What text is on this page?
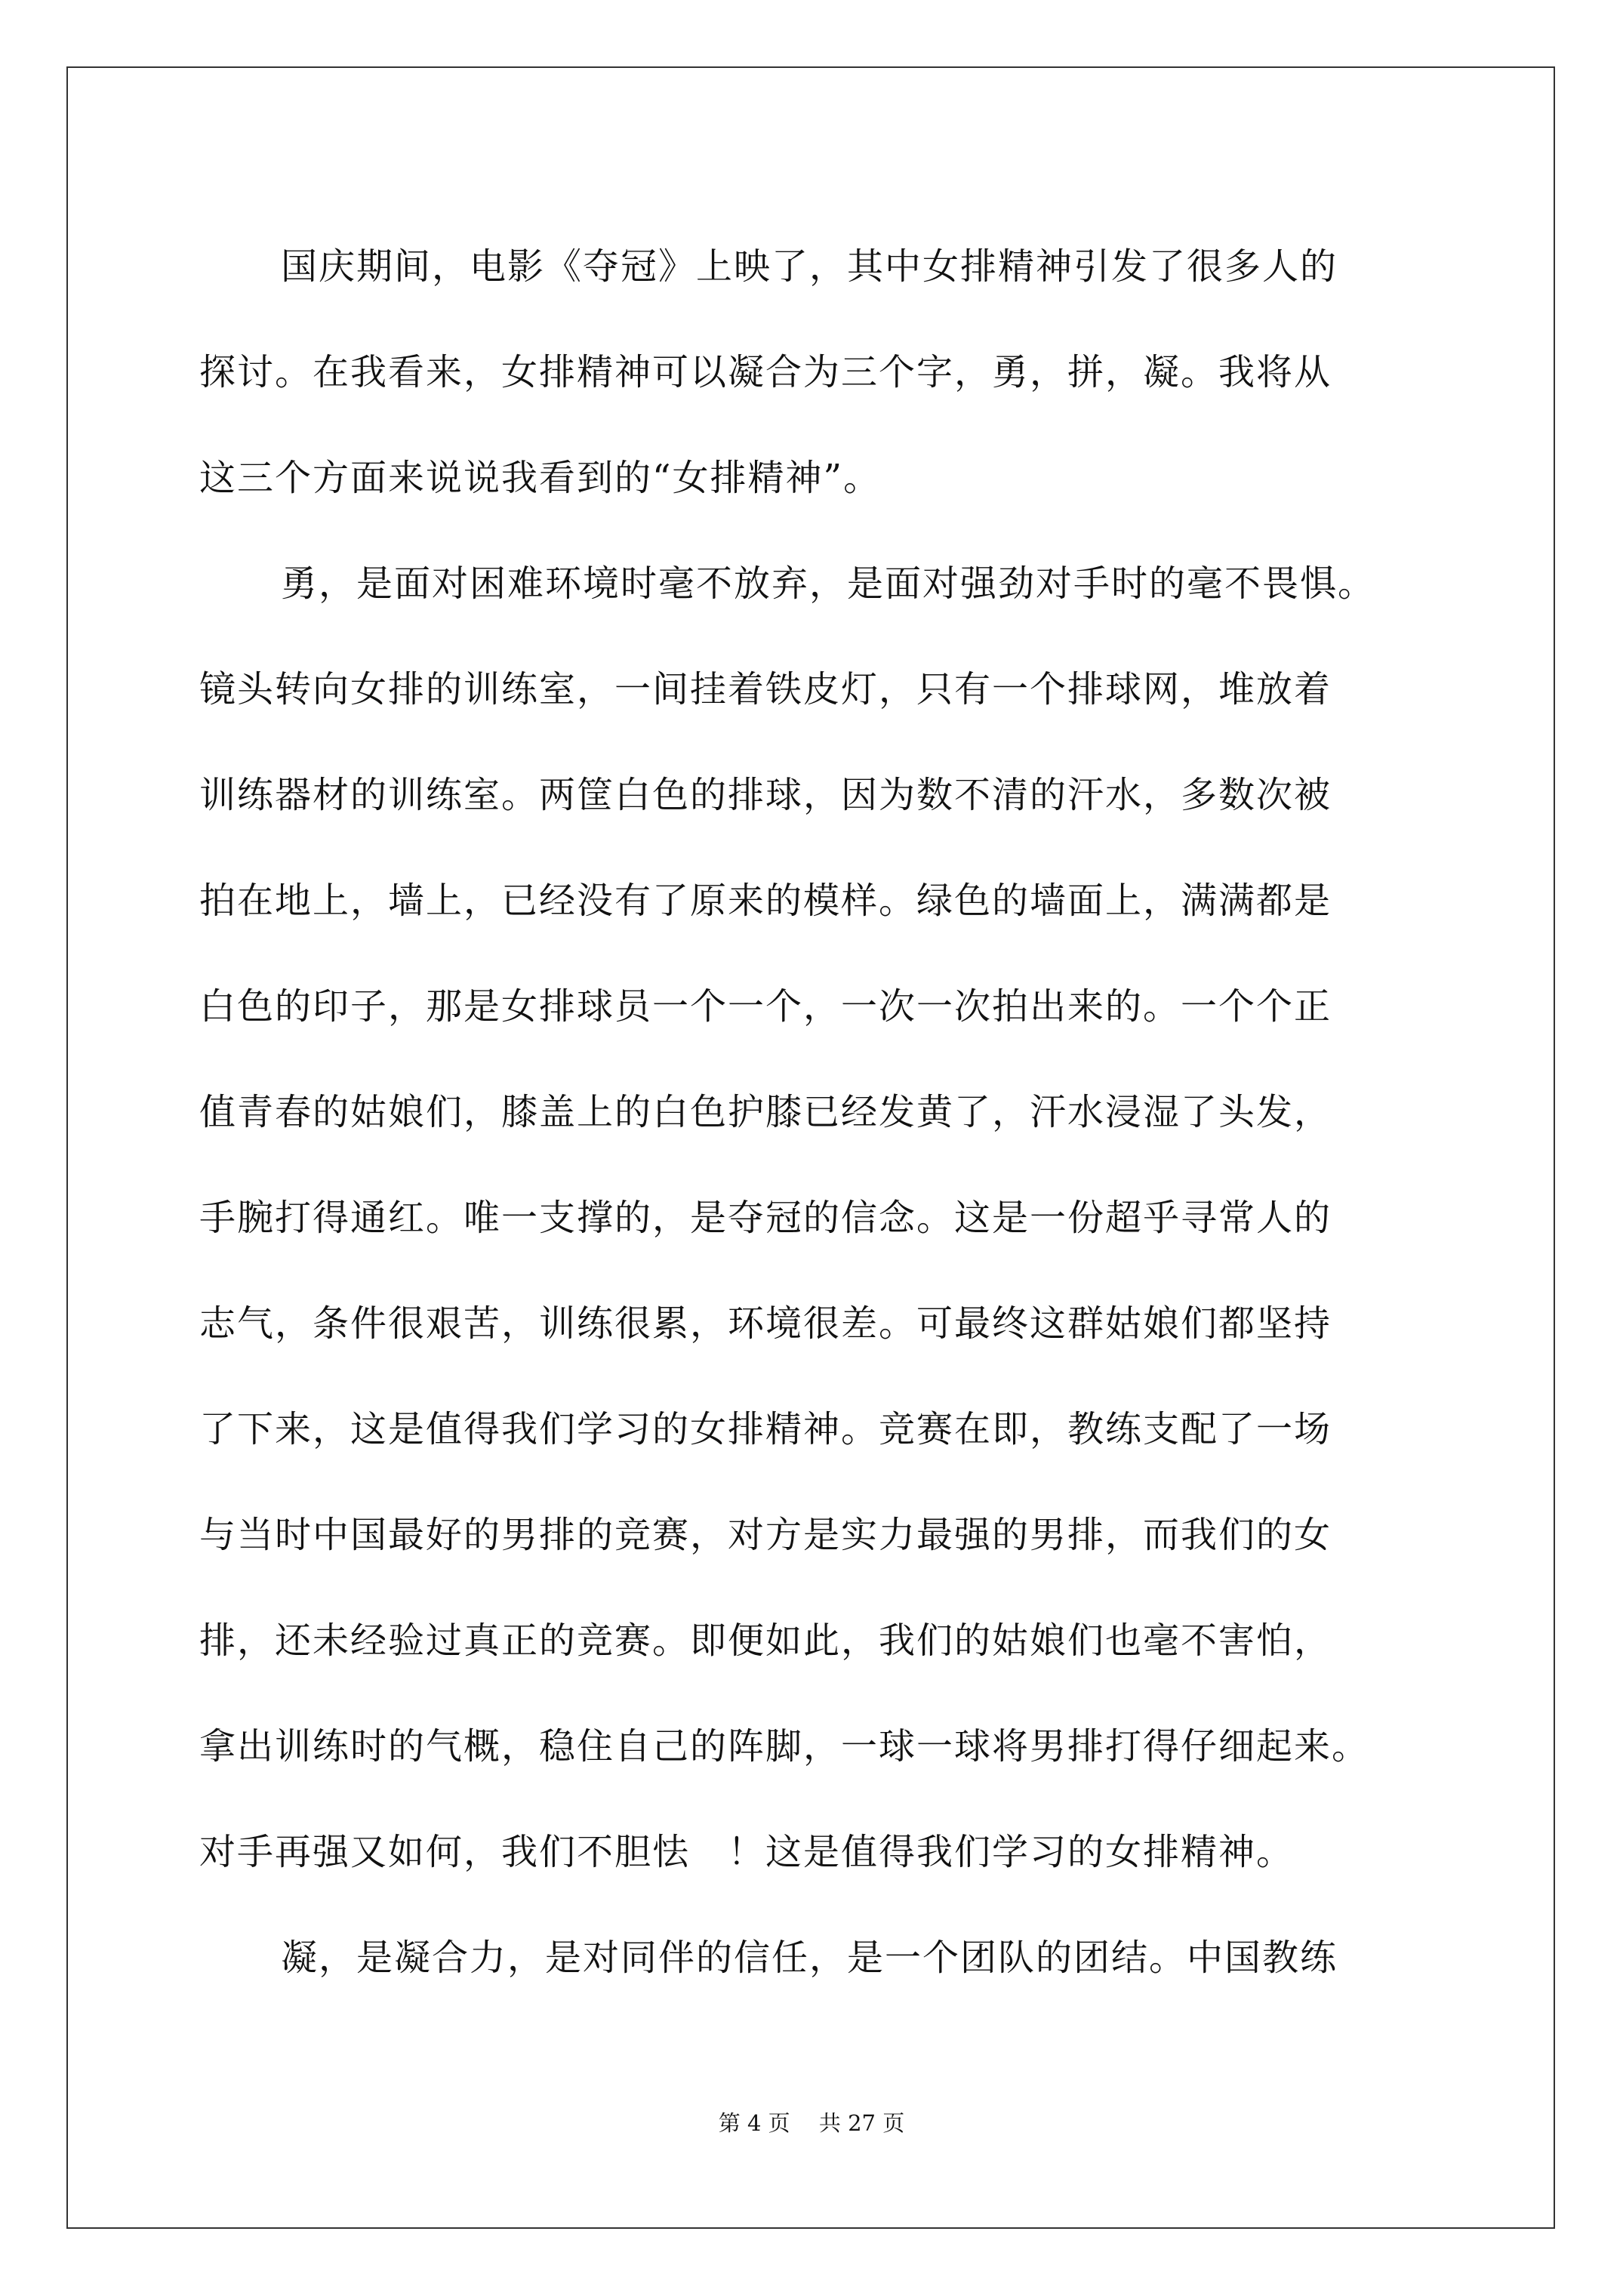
国庆期间，电影《夺冠》上映了，其中女排精神引发了很多人的
探讨。在我看来，女排精神可以凝合为三个字，勇，拼，凝。我将从
这三个方面来说说我看到的“女排精神”。
勇，是面对困难环境时毫不放弃，是面对强劲对手时的毫不畏惧。
镜头转向女排的训练室，一间挂着铁皮灯，只有一个排球网，堆放着
训练器材的训练室。两筐白色的排球，因为数不清的汗水，多数次被
拍在地上，墙上，已经没有了原来的模样。绿色的墙面上，满满都是
白色的印子，那是女排球员一个一个，一次一次拍出来的。一个个正
值青春的姑娘们，膝盖上的白色护膝已经发黄了，汗水浸湿了头发，
手腕打得通红。唯一支撑的，是夺冠的信念。这是一份超乎寻常人的
志气，条件很艰苦，训练很累，环境很差。可最终这群姑娘们都坚持
了下来，这是值得我们学习的女排精神。竞赛在即，教练支配了一场
与当时中国最好的男排的竞赛，对方是实力最强的男排，而我们的女
排，还未经验过真正的竞赛。即便如此，我们的姑娘们也毫不害怕，
拿出训练时的气概，稳住自己的阵脚，一球一球将男排打得仔细起来。
对手再强又如何，我们不胆怯　！这是值得我们学习的女排精神。
凝，是凝合力，是对同伴的信任，是一个团队的团结。中国教练
第 4 页　 共 27 页
